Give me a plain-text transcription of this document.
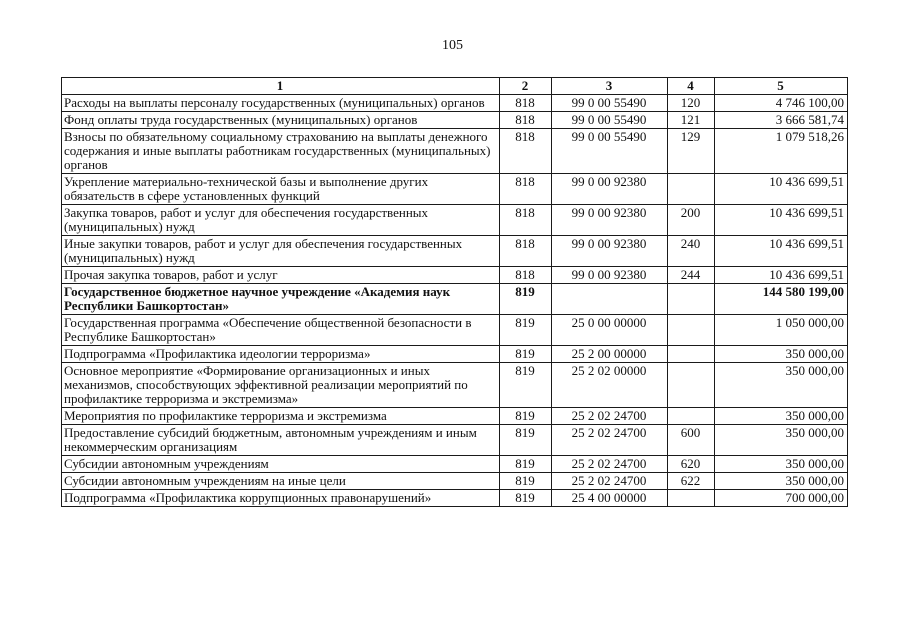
105
1	2	3	4	5
Расходы на выплаты персоналу государственных (муниципальных) органов	818	99 0 00 55490	120	4 746 100,00
Фонд оплаты труда государственных (муниципальных) органов	818	99 0 00 55490	121	3 666 581,74
Взносы по обязательному социальному страхованию на выплаты денежного содержания и иные выплаты работникам государственных (муниципальных) органов	818	99 0 00 55490	129	1 079 518,26
Укрепление материально-технической базы и выполнение других обязательств в сфере установленных функций	818	99 0 00 92380		10 436 699,51
Закупка товаров, работ и услуг для обеспечения государственных (муниципальных) нужд	818	99 0 00 92380	200	10 436 699,51
Иные закупки товаров, работ и услуг для обеспечения государственных (муниципальных) нужд	818	99 0 00 92380	240	10 436 699,51
Прочая закупка товаров, работ и услуг	818	99 0 00 92380	244	10 436 699,51
Государственное бюджетное научное учреждение «Академия наук Республики Башкортостан»	819			144 580 199,00
Государственная программа «Обеспечение общественной безопасности в Республике Башкортостан»	819	25 0 00 00000		1 050 000,00
Подпрограмма «Профилактика идеологии терроризма»	819	25 2 00 00000		350 000,00
Основное мероприятие «Формирование организационных и иных механизмов, способствующих эффективной реализации мероприятий по профилактике терроризма и экстремизма»	819	25 2 02 00000		350 000,00
Мероприятия по профилактике терроризма и экстремизма	819	25 2 02 24700		350 000,00
Предоставление субсидий бюджетным, автономным учреждениям и иным некоммерческим организациям	819	25 2 02 24700	600	350 000,00
Субсидии автономным учреждениям	819	25 2 02 24700	620	350 000,00
Субсидии автономным учреждениям на иные цели	819	25 2 02 24700	622	350 000,00
Подпрограмма «Профилактика коррупционных правонарушений»	819	25 4 00 00000		700 000,00
